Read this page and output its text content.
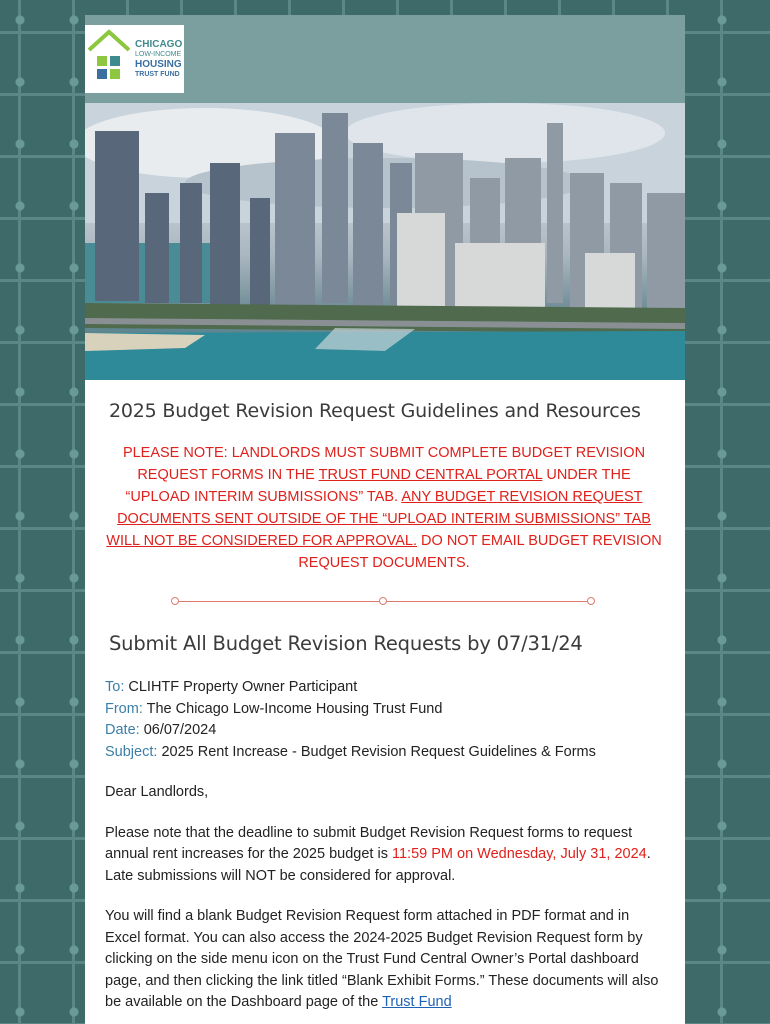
CHICAGO
LOW-INCOME
HOUSING
TRUST FUND
2025 Budget Revision Request Guidelines and Resources
PLEASE NOTE: LANDLORDS MUST SUBMIT COMPLETE BUDGET REVISION REQUEST FORMS IN THE TRUST FUND CENTRAL PORTAL UNDER THE “UPLOAD INTERIM SUBMISSIONS” TAB. ANY BUDGET REVISION REQUEST DOCUMENTS SENT OUTSIDE OF THE “UPLOAD INTERIM SUBMISSIONS” TAB WILL NOT BE CONSIDERED FOR APPROVAL. DO NOT EMAIL BUDGET REVISION REQUEST DOCUMENTS.
Submit All Budget Revision Requests by 07/31/24
To: CLIHTF Property Owner Participant
From: The Chicago Low-Income Housing Trust Fund
Date: 06/07/2024
Subject: 2025 Rent Increase - Budget Revision Request Guidelines & Forms

Dear Landlords,

Please note that the deadline to submit Budget Revision Request forms to request annual rent increases for the 2025 budget is 11:59 PM on Wednesday, July 31, 2024. Late submissions will NOT be considered for approval.

You will find a blank Budget Revision Request form attached in PDF format and in Excel format. You can also access the 2024-2025 Budget Revision Request form by clicking on the side menu icon on the Trust Fund Central Owner’s Portal dashboard page, and then clicking the link titled “Blank Exhibit Forms.” These documents will also be available on the Dashboard page of the Trust Fund
